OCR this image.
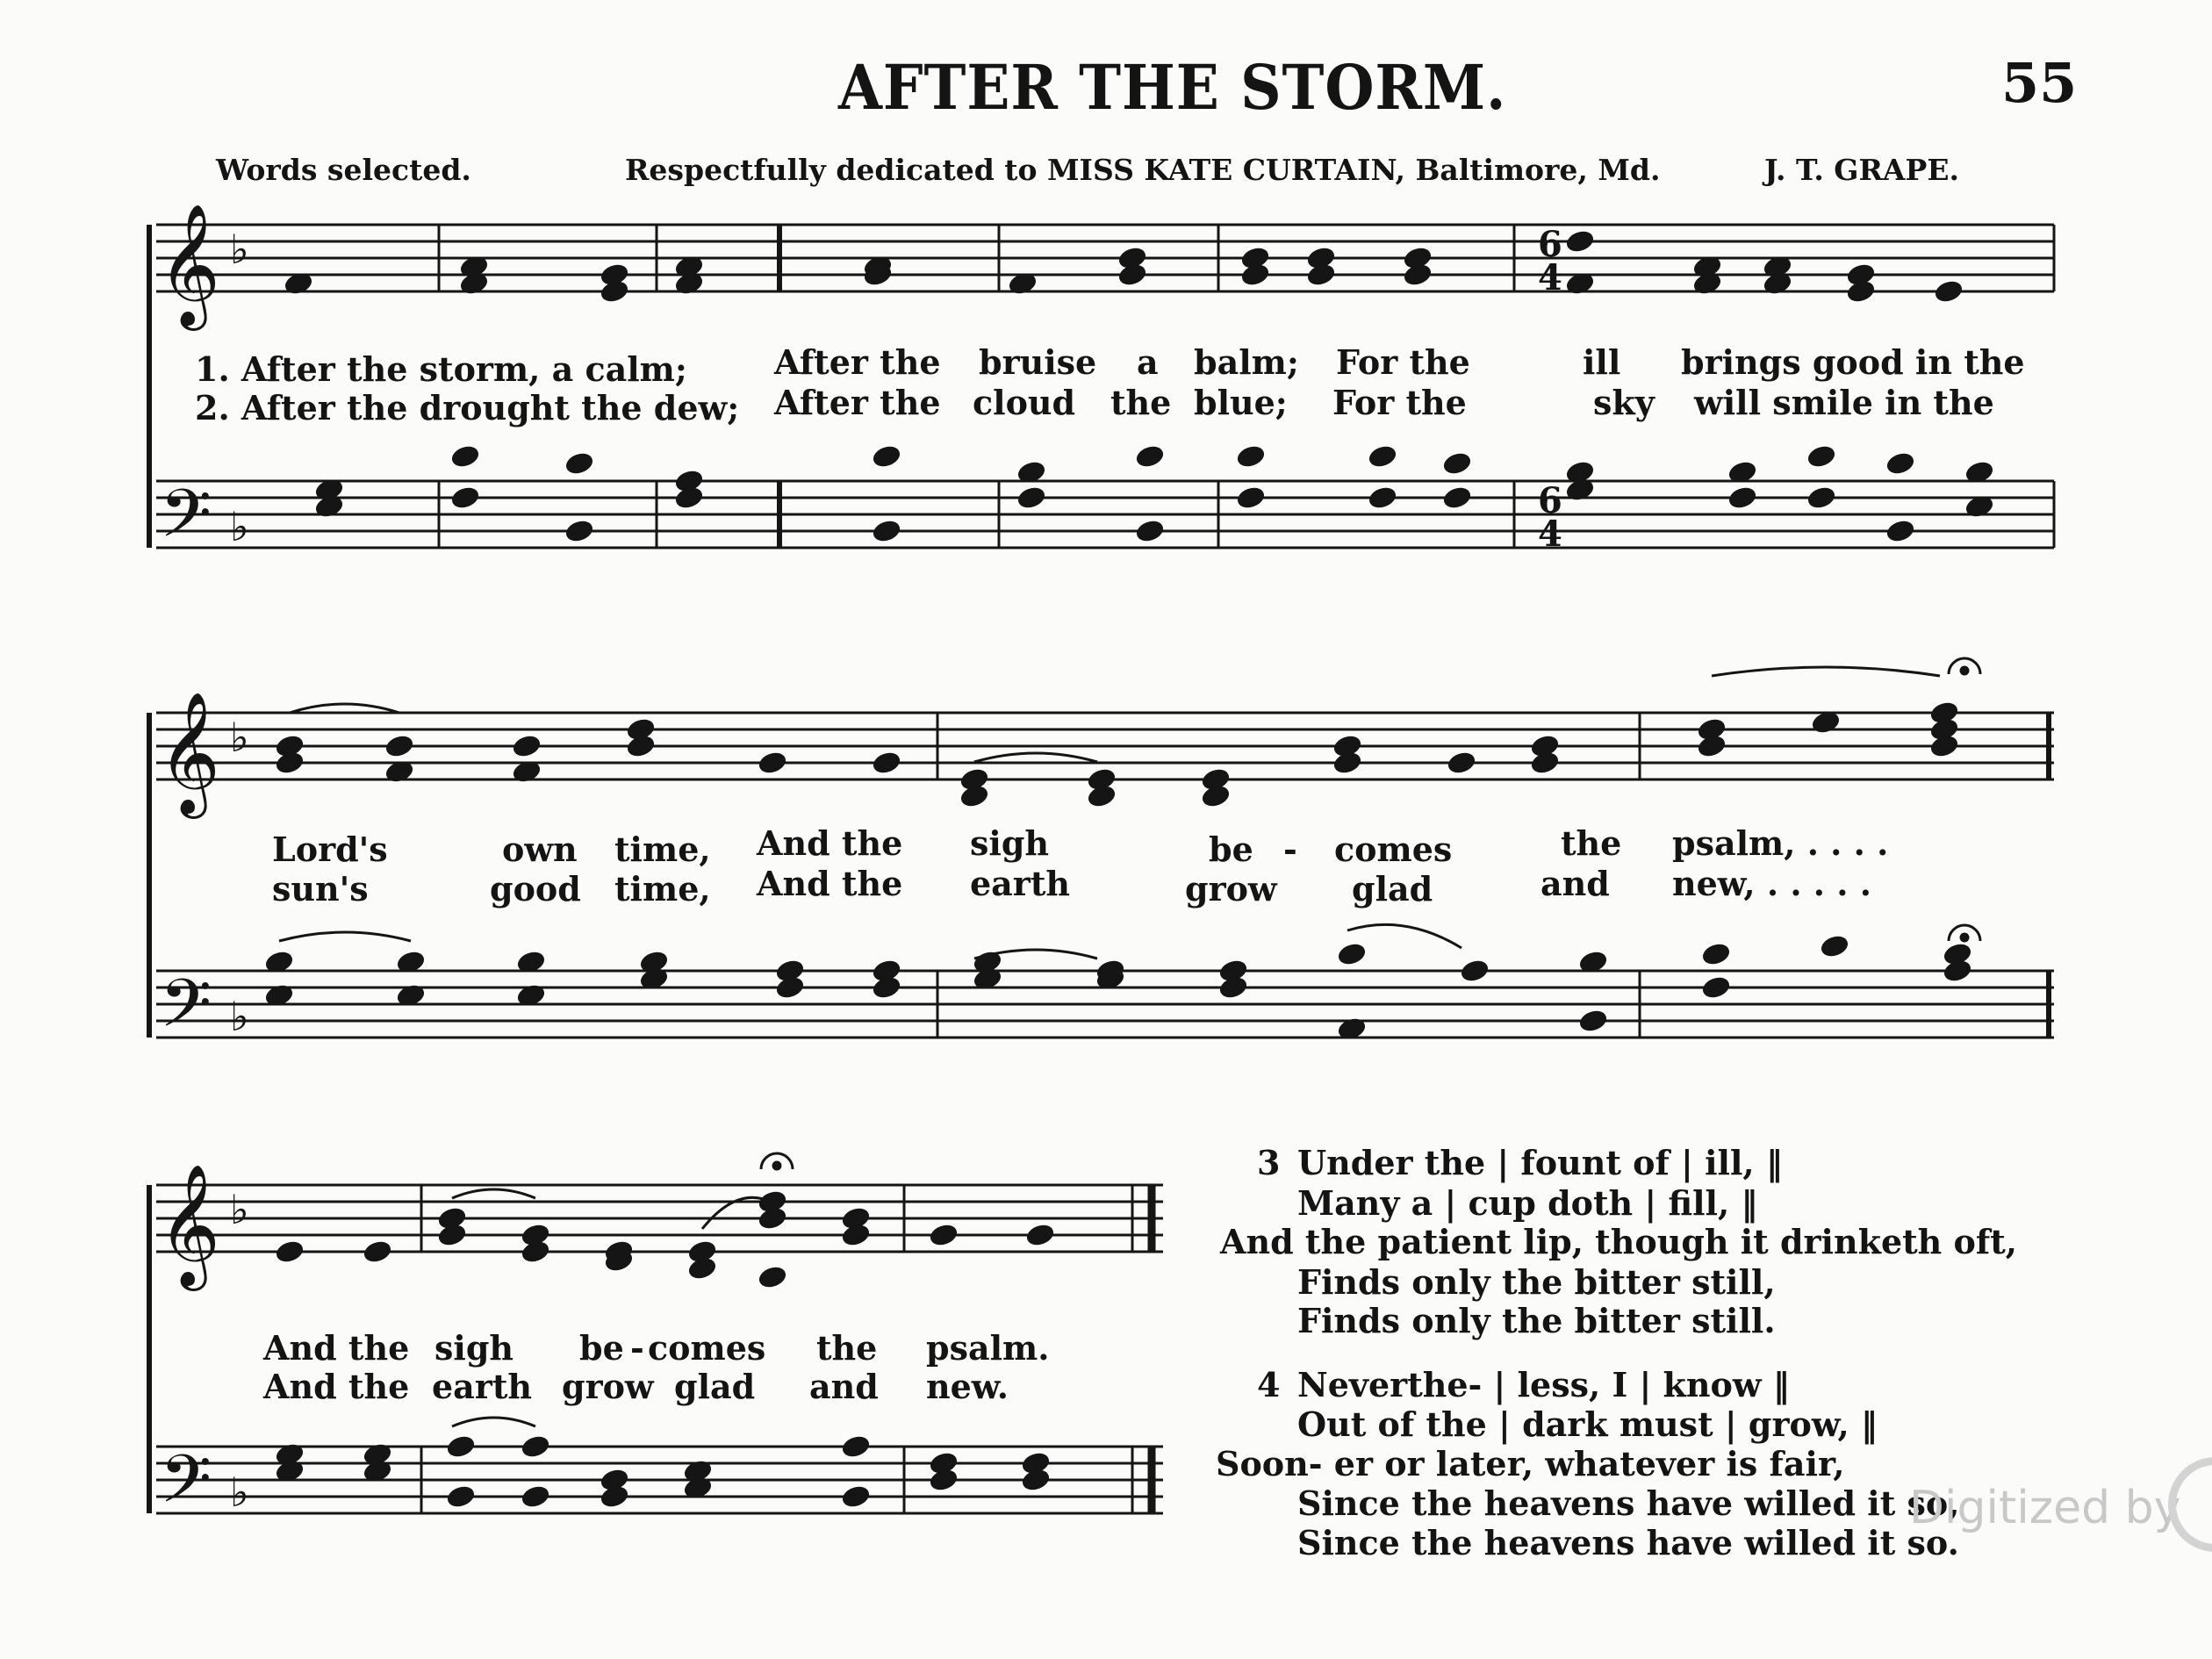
AFTER THE STORM.	55
Words selected.	Respectfully dedicated to MISS KATE CURTAIN, Baltimore, Md.	J. T. GRAPE.
𝄞
𝄢
𝄞
𝄢
𝄞
𝄢
♭
♭
♭
♭
♭
♭
6
4
6
4
1. After the storm, a calm;	After the bruise a balm; For the	ill brings good in the
2. After the drought the dew; After the cloud the blue; For the	sky will smile in the
Lord's	own time, And the sigh	be - comes	the psalm, . . . .
sun's	good time, And the earth	grow glad	and new, . . . . .
And the sigh be - comes the psalm.
And the earth grow glad and new.
3 Under the | fount of | ill, ‖
Many a | cup doth | fill, ‖
And the patient lip, though it drinketh oft,
Finds only the bitter still,
Finds only the bitter still.
4 Neverthe- | less, I | know ‖
Out of the | dark must | grow, ‖
Soon- er or later, whatever is fair,
Since the heavens have willed it so,
Since the heavens have willed it so.
Digitized by
